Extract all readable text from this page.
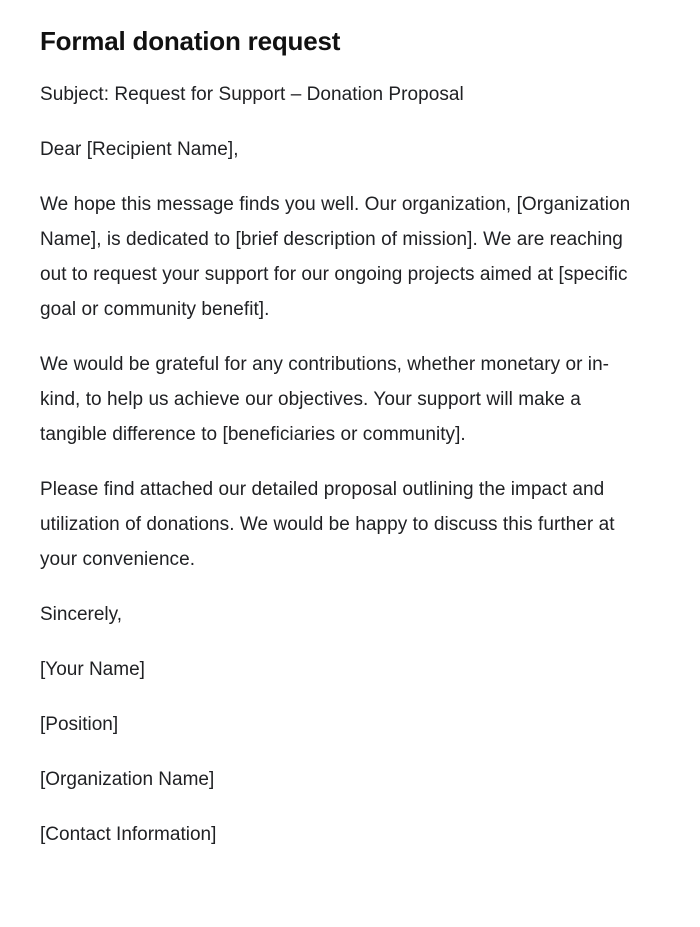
Formal donation request

Subject: Request for Support – Donation Proposal

Dear [Recipient Name],

We hope this message finds you well. Our organization, [Organization Name], is dedicated to [brief description of mission]. We are reaching out to request your support for our ongoing projects aimed at [specific goal or community benefit].

We would be grateful for any contributions, whether monetary or in-kind, to help us achieve our objectives. Your support will make a tangible difference to [beneficiaries or community].

Please find attached our detailed proposal outlining the impact and utilization of donations. We would be happy to discuss this further at your convenience.

Sincerely,

[Your Name]

[Position]

[Organization Name]

[Contact Information]
